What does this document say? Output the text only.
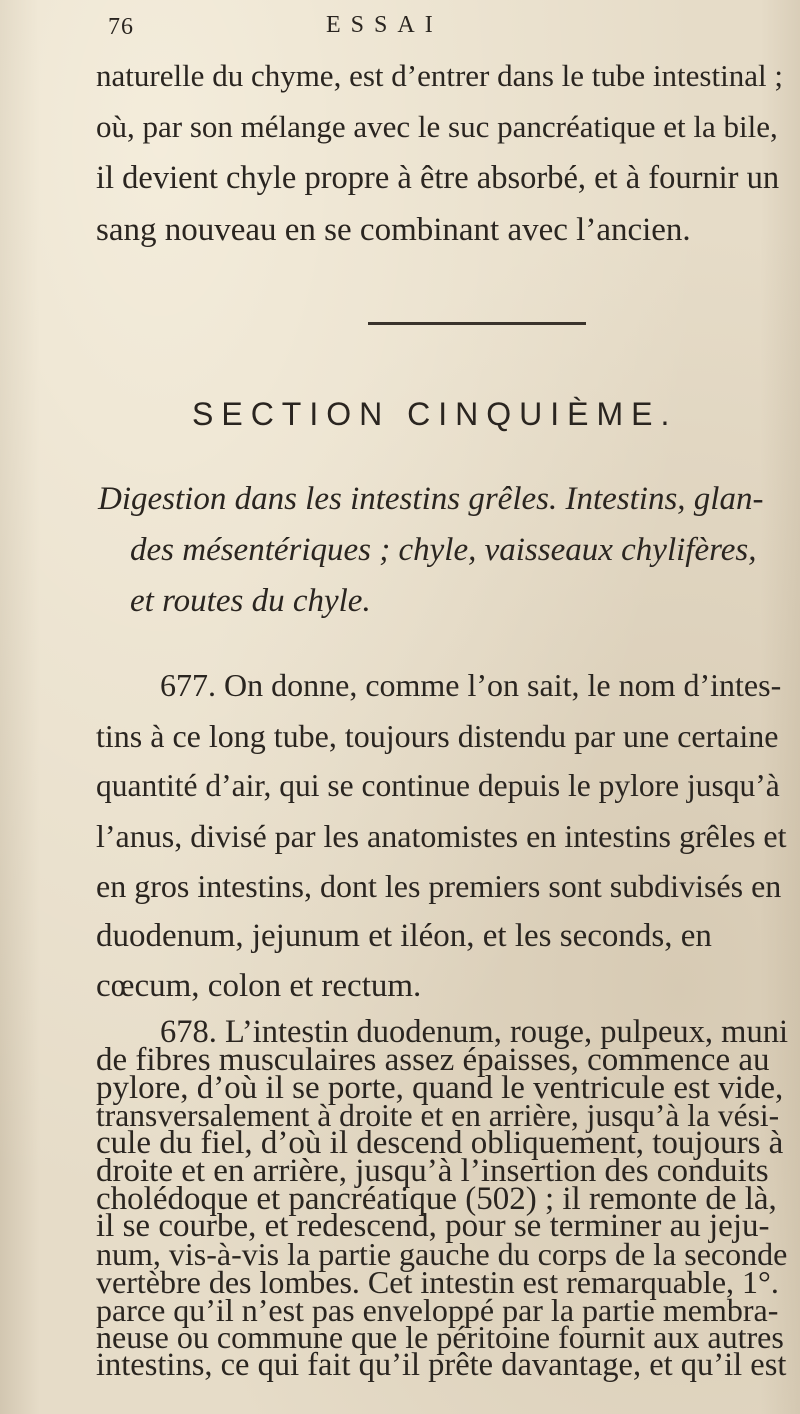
76	ESSAI
naturelle du chyme, est d’entrer dans le tube intestinal ;
où, par son mélange avec le suc pancréatique et la bile,
il devient chyle propre à être absorbé, et à fournir un
sang nouveau en se combinant avec l’ancien.
SECTION CINQUIÈME.
Digestion dans les intestins grêles. Intestins, glan-
des mésentériques ; chyle, vaisseaux chylifères,
et routes du chyle.
677. On donne, comme l’on sait, le nom d’intes-
tins à ce long tube, toujours distendu par une certaine
quantité d’air, qui se continue depuis le pylore jusqu’à
l’anus, divisé par les anatomistes en intestins grêles et
en gros intestins, dont les premiers sont subdivisés en
duodenum, jejunum et iléon, et les seconds, en
cœcum, colon et rectum.
678. L’intestin duodenum, rouge, pulpeux, muni
de fibres musculaires assez épaisses, commence au
pylore, d’où il se porte, quand le ventricule est vide,
transversalement à droite et en arrière, jusqu’à la vési-
cule du fiel, d’où il descend obliquement, toujours à
droite et en arrière, jusqu’à l’insertion des conduits
cholédoque et pancréatique (502) ; il remonte de là,
il se courbe, et redescend, pour se terminer au jeju-
num, vis-à-vis la partie gauche du corps de la seconde
vertèbre des lombes. Cet intestin est remarquable, 1°.
parce qu’il n’est pas enveloppé par la partie membra-
neuse ou commune que le péritoine fournit aux autres
intestins, ce qui fait qu’il prête davantage, et qu’il est
